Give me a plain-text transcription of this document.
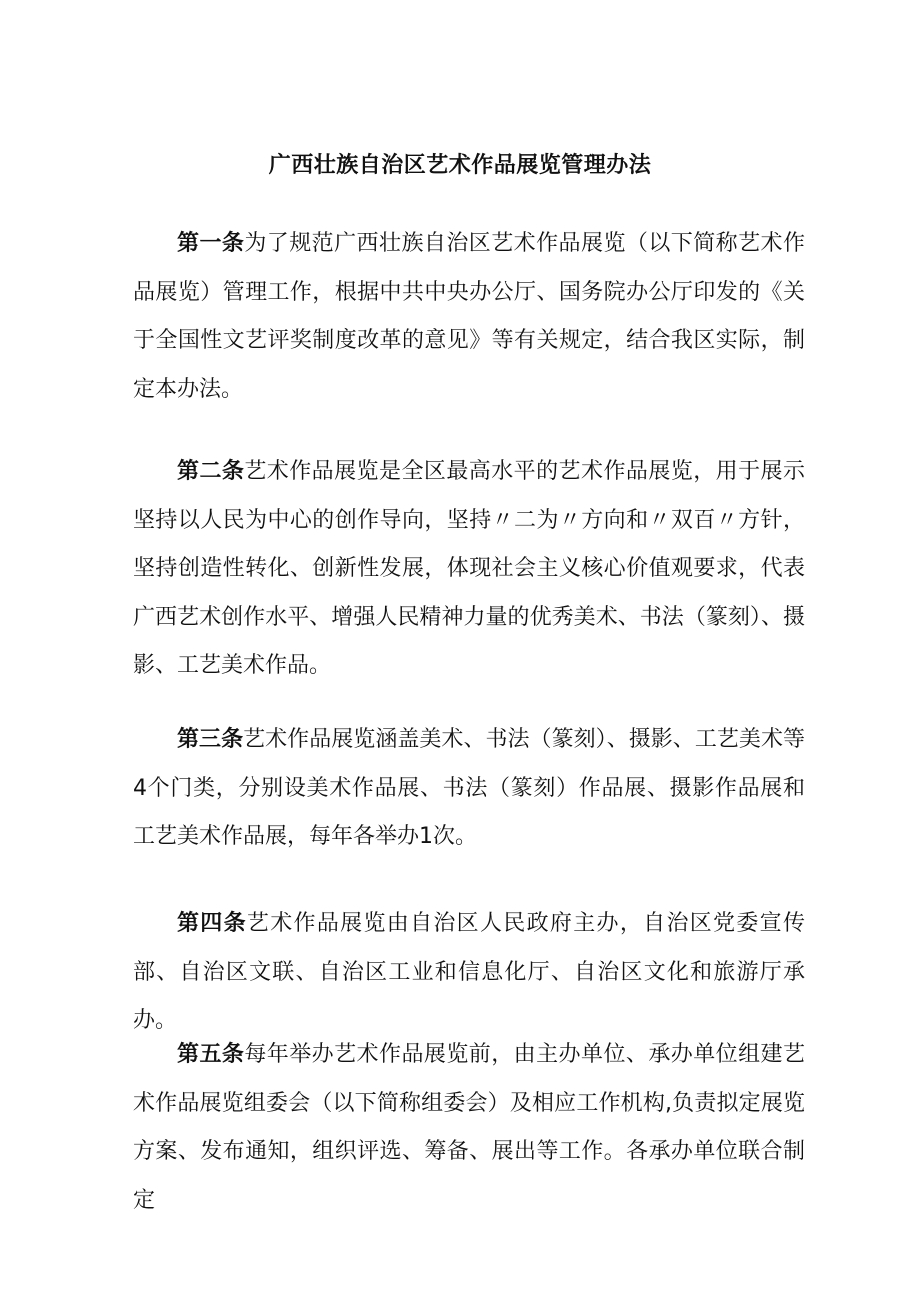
广西壮族自治区艺术作品展览管理办法

第一条为了规范广西壮族自治区艺术作品展览（以下简称艺术作品展览）管理工作，根据中共中央办公厅、国务院办公厅印发的《关于全国性文艺评奖制度改革的意见》等有关规定，结合我区实际，制定本办法。

第二条艺术作品展览是全区最高水平的艺术作品展览，用于展示坚持以人民为中心的创作导向，坚持〃二为〃方向和〃双百〃方针，坚持创造性转化、创新性发展，体现社会主义核心价值观要求，代表广西艺术创作水平、增强人民精神力量的优秀美术、书法（篆刻）、摄影、工艺美术作品。

第三条艺术作品展览涵盖美术、书法（篆刻）、摄影、工艺美术等4个门类，分别设美术作品展、书法（篆刻）作品展、摄影作品展和工艺美术作品展，每年各举办1次。

第四条艺术作品展览由自治区人民政府主办，自治区党委宣传部、自治区文联、自治区工业和信息化厅、自治区文化和旅游厅承办。

第五条每年举办艺术作品展览前，由主办单位、承办单位组建艺术作品展览组委会（以下简称组委会）及相应工作机构,负责拟定展览方案、发布通知，组织评选、筹备、展出等工作。各承办单位联合制定
